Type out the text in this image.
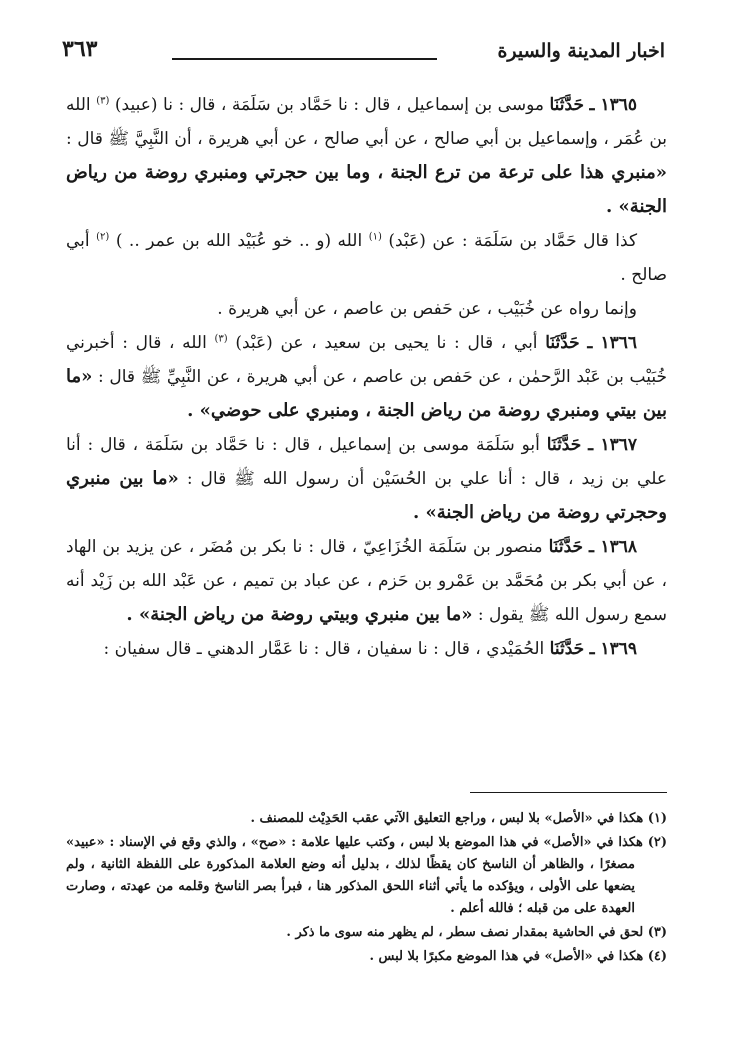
اخبار المدينة والسيرة
٣٦٣

١٣٦٥ ـ حَدَّثَنَا موسى بن إسماعيل ، قال : نا حَمَّاد بن سَلَمَة ، قال : نا (عبيد) $^{(٣)}$ الله بن عُمَر ، وإسماعيل بن أبي صالح ، عن أبي صالح ، عن أبي هريرة ، أن النَّبِيَّ ﷺ قال : «منبري هذا على ترعة من ترع الجنة ، وما بين حجرتي ومنبري روضة من رياض الجنة» .

كذا قال حَمَّاد بن سَلَمَة : عن (عَبْد) $^{(١)}$ الله (و .. خو عُبَيْد الله بن عمر .. ) $^{(٢)}$ أبي صالح .

وإنما رواه عن خُبَيْب ، عن حَفص بن عاصم ، عن أبي هريرة .

١٣٦٦ ـ حَدَّثَنَا أبي ، قال : نا يحيى بن سعيد ، عن (عَبْد) $^{(٣)}$ الله ، قال : أخبرني خُبَيْب بن عَبْد الرَّحمٰن ، عن حَفص بن عاصم ، عن أبي هريرة ، عن النَّبِيِّ ﷺ قال : «ما بين بيتي ومنبري روضة من رياض الجنة ، ومنبري على حوضي» .

١٣٦٧ ـ حَدَّثَنَا أبو سَلَمَة موسى بن إسماعيل ، قال : نا حَمَّاد بن سَلَمَة ، قال : أنا علي بن زيد ، قال : أنا علي بن الحُسَيْن أن رسول الله ﷺ قال : «ما بين منبري وحجرتي روضة من رياض الجنة» .

١٣٦٨ ـ حَدَّثَنَا منصور بن سَلَمَة الخُزَاعِيّ ، قال : نا بكر بن مُضَر ، عن يزيد بن الهاد ، عن أبي بكر بن مُحَمَّد بن عَمْرو بن حَزم ، عن عباد بن تميم ، عن عَبْد الله بن زَيْد أنه سمع رسول الله ﷺ يقول : «ما بين منبري وبيتي روضة من رياض الجنة» .

١٣٦٩ ـ حَدَّثَنَا الحُمَيْدي ، قال : نا سفيان ، قال : نا عَمَّار الدهني ـ قال سفيان :

(١) هكذا في «الأصل» بلا لبس ، وراجع التعليق الآتي عقب الحَدِيْث للمصنف .

(٢) هكذا في «الأصل» في هذا الموضع بلا لبس ، وكتب عليها علامة : «صح» ، والذي وقع في الإسناد : «عبيد» مصغرًا ، والظاهر أن الناسخ كان يقظًا لذلك ، بدليل أنه وضع العلامة المذكورة على اللفظة الثانية ، ولم يضعها على الأولى ، ويؤكده ما يأتي أثناء اللحق المذكور هنا ، فبرأ بصر الناسخ وقلمه من عهدته ، وصارت العهدة على من قبله ؛ فالله أعلم .

(٣) لحق في الحاشية بمقدار نصف سطر ، لم يظهر منه سوى ما ذكر .

(٤) هكذا في «الأصل» في هذا الموضع مكبرًا بلا لبس .
